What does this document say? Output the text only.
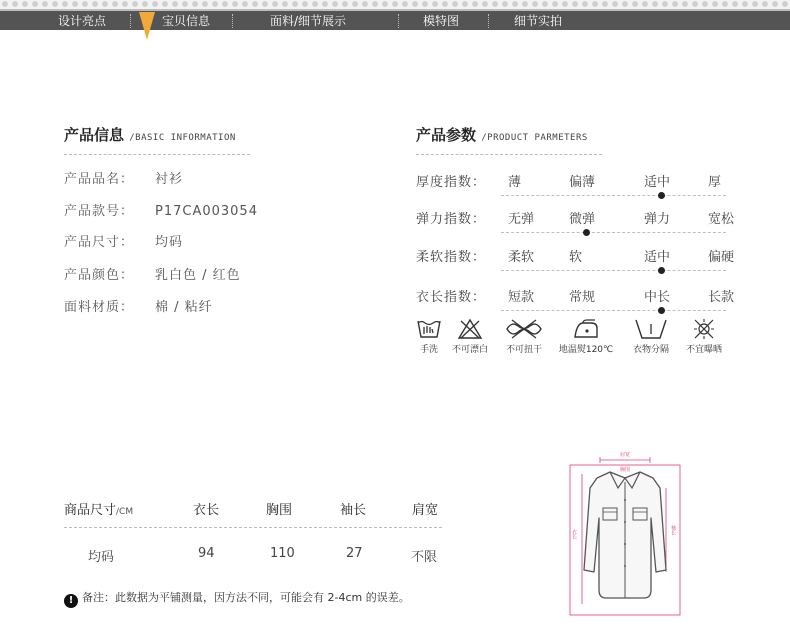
设计亮点	宝贝信息	面料/细节展示	模特图	细节实拍
产品信息 /BASIC INFORMATION
产品品名： 衬衫
产品款号： P17CA003054
产品尺寸： 均码
产品颜色： 乳白色 / 红色
面料材质： 棉 / 粘纤
产品参数 /PRODUCT PARMETERS
厚度指数： 薄	偏薄	适中	厚
弹力指数： 无弹	微弹	弹力	宽松
柔软指数： 柔软	软	适中	偏硬
衣长指数： 短款	常规	中长	长款
手洗	不可漂白	不可扭干	地温熨120℃	衣物分隔	不宜曝晒
商品尺寸/CM	衣长	胸围	袖长	肩宽
均码	94	110	27	不限
! 备注：此数据为平铺测量，因方法不同，可能会有 2-4cm 的误差。
肩宽
胸围
衣长	袖长
